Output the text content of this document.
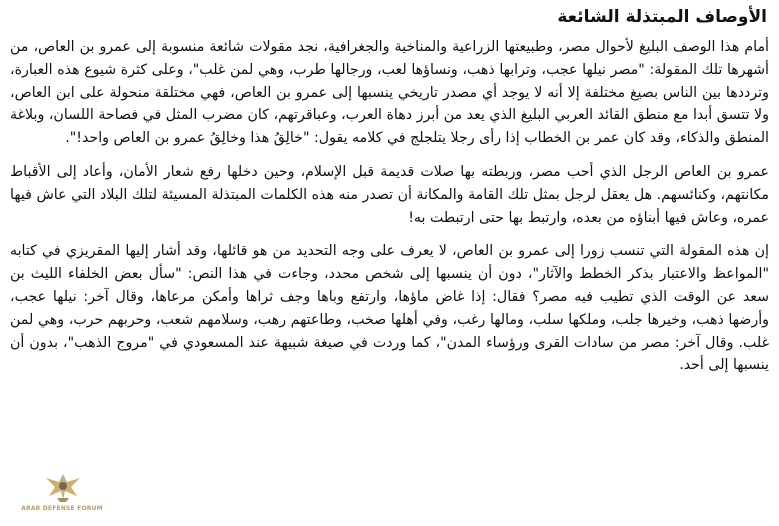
الأوصاف المبتذلة الشائعة

أمام هذا الوصف البليغ لأحوال مصر، وطبيعتها الزراعية والمناخية والجغرافية، نجد مقولات شائعة منسوبة إلى عمرو بن العاص، من أشهرها تلك المقولة: "مصر نيلها عجب، وترابها ذهب، ونساؤها لعب، ورجالها طرب، وهي لمن غلب"، وعلى كثرة شيوع هذه العبارة، وترددها بين الناس بصيغ مختلفة إلا أنه لا يوجد أي مصدر تاريخي ينسبها إلى عمرو بن العاص، فهي مختلقة منحولة على ابن العاص، ولا تتسق أبدا مع منطق القائد العربي البليغ الذي يعد من أبرز دهاة العرب، وعباقرتهم، كان مضرب المثل في فصاحة اللسان، وبلاغة المنطق والذكاء، وقد كان عمر بن الخطاب إذا رأى رجلا يتلجلج في كلامه يقول: "خالِقُ هذا وخالِقُ عمرو بن العاص واحد!".

عمرو بن العاص الرجل الذي أحب مصر، وربطته بها صلات قديمة قبل الإسلام، وحين دخلها رفع شعار الأمان، وأعاد إلى الأقباط مكانتهم، وكنائسهم. هل يعقل لرجل بمثل تلك القامة والمكانة أن تصدر منه هذه الكلمات المبتذلة المسيئة لتلك البلاد التي عاش فيها عمره، وعاش فيها أبناؤه من بعده، وارتبط بها حتى ارتبطت به!

إن هذه المقولة التي تنسب زورا إلى عمرو بن العاص، لا يعرف على وجه التحديد من هو قائلها، وقد أشار إليها المقريزي في كتابه "المواعظ والاعتبار بذكر الخطط والآثار"، دون أن ينسبها إلى شخص محدد، وجاءت في هذا النص: "سأل بعض الخلفاء الليث بن سعد عن الوقت الذي تطيب فيه مصر؟ فقال: إذا غاض ماؤها، وارتفع وباها وجف ثراها وأمكن مرعاها، وقال آخر: نيلها عجب، وأرضها ذهب، وخيرها جلب، وملكها سلب، ومالها رغب، وفي أهلها صخب، وطاعتهم رهب، وسلامهم شعب، وحربهم حرب، وهي لمن غلب. وقال آخر: مصر من سادات القرى ورؤساء المدن"، كما وردت في صيغة شبيهة عند المسعودي في "مروج الذهب"، بدون أن ينسبها إلى أحد.

ARAB DEFENSE FORUM
